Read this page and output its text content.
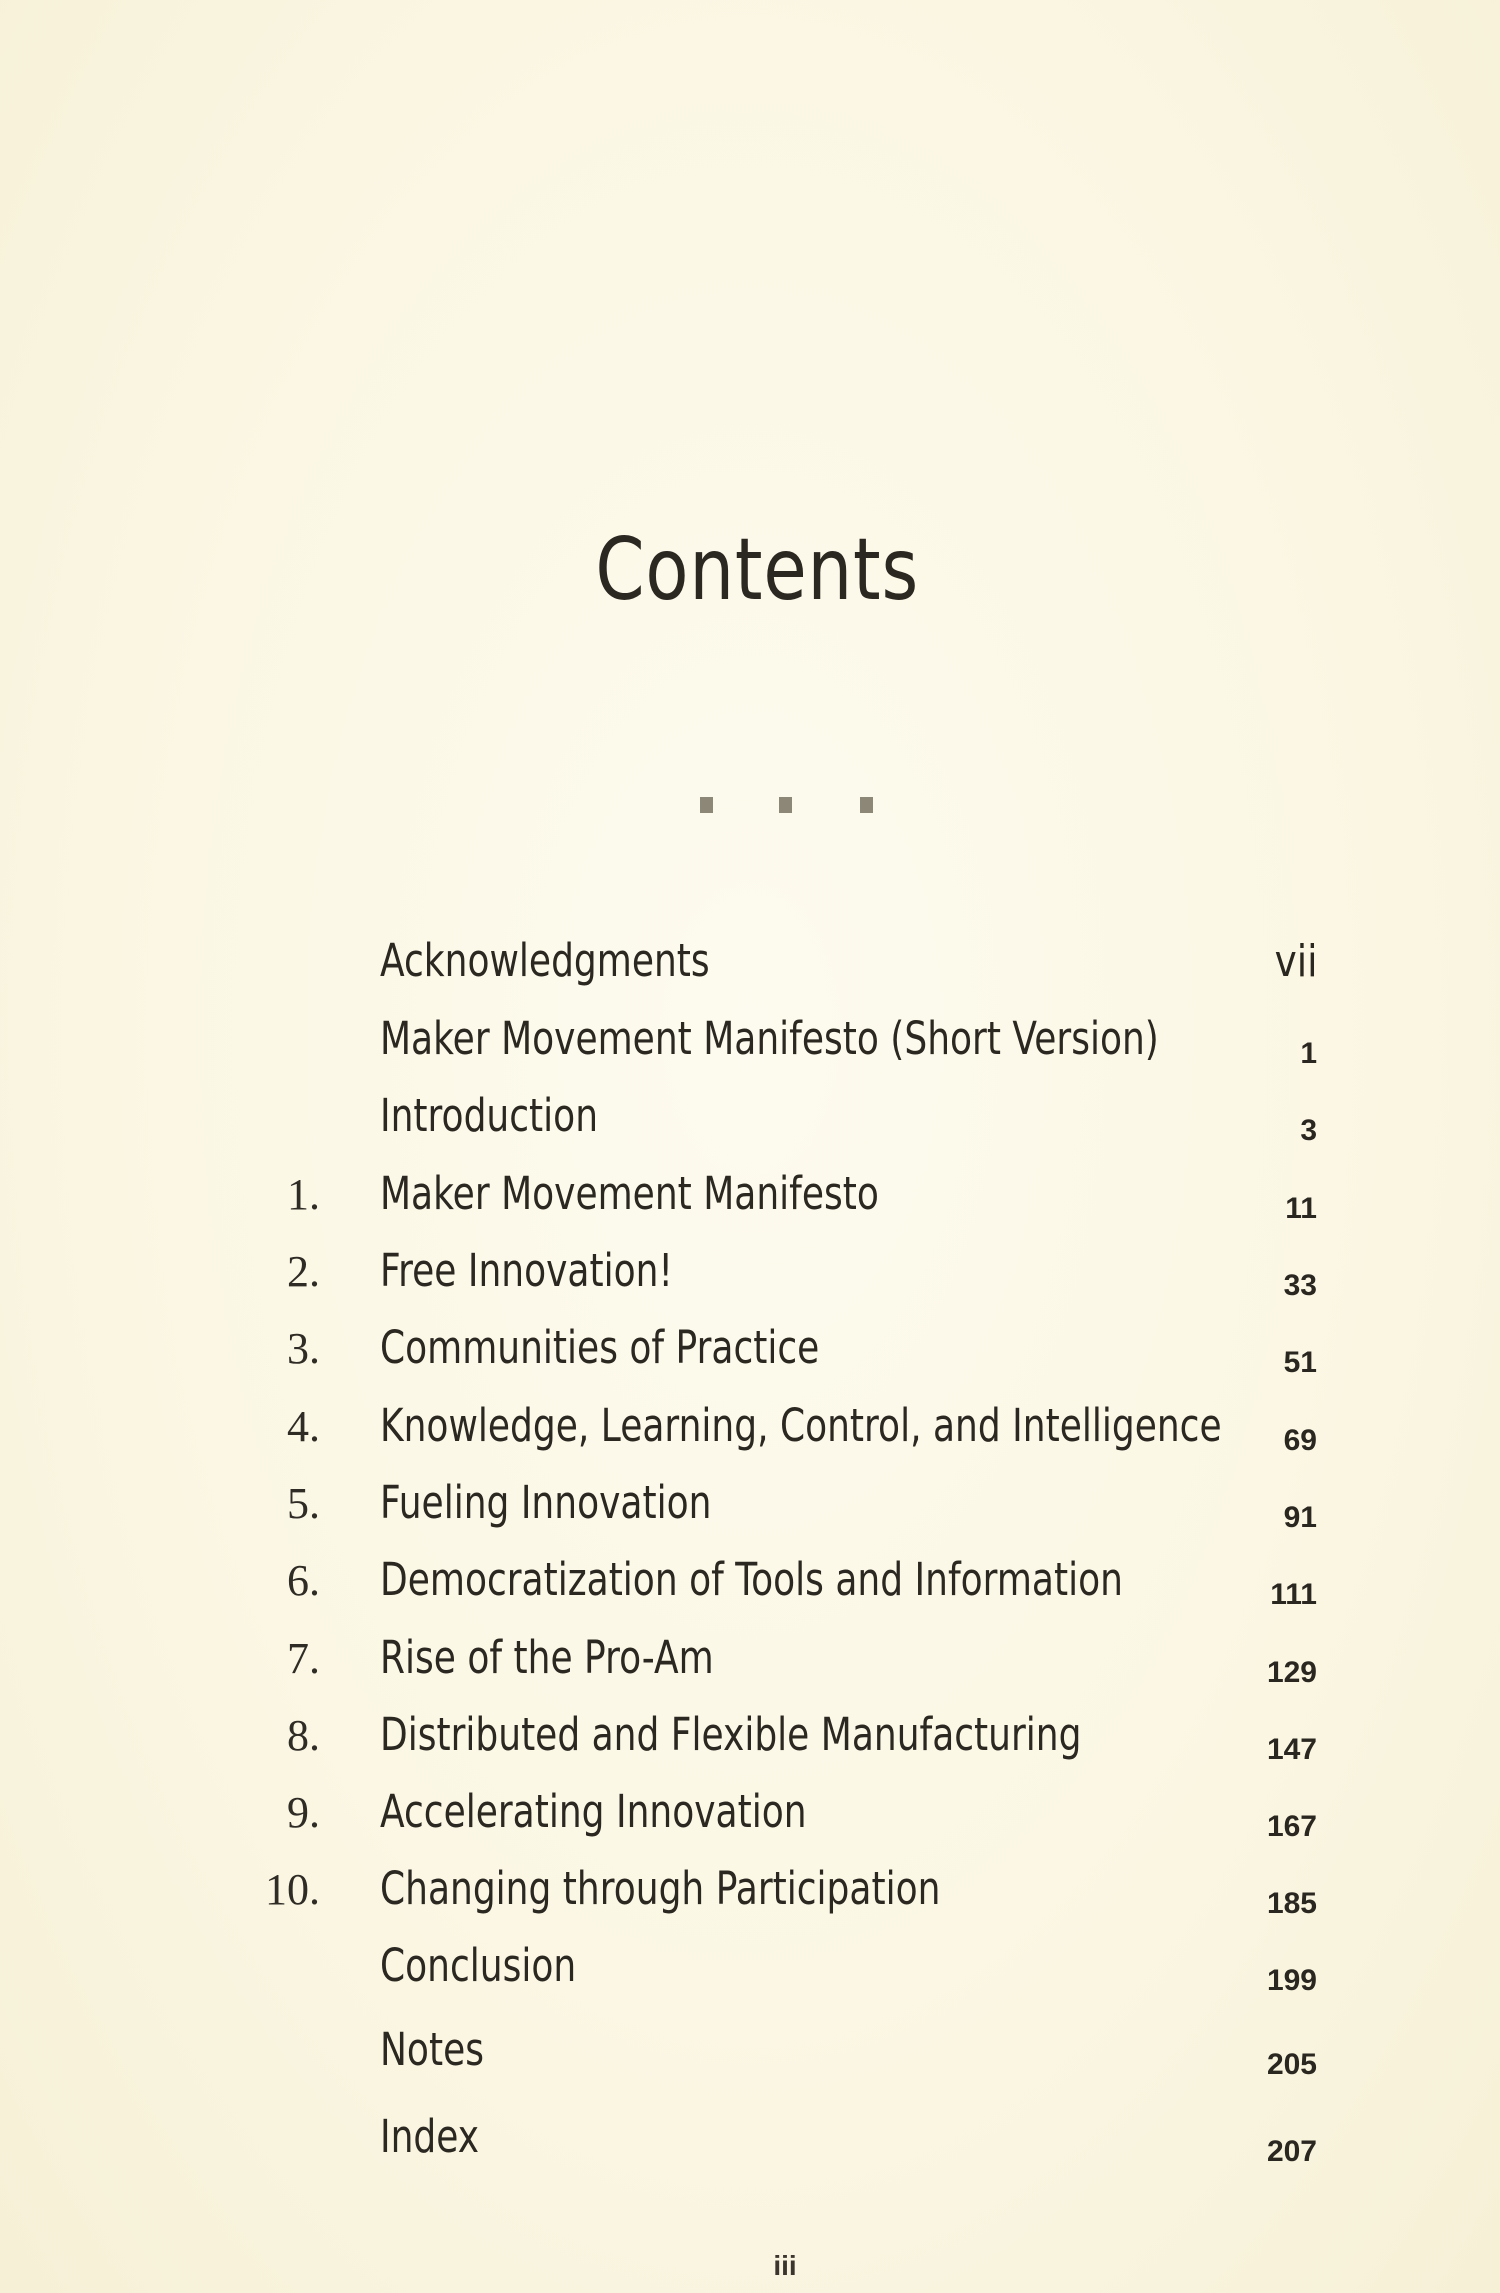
Contents
Acknowledgments	vii
Maker Movement Manifesto (Short Version)	1
Introduction	3
1. Maker Movement Manifesto	11
2. Free Innovation!	33
3. Communities of Practice	51
4. Knowledge, Learning, Control, and Intelligence 69
5. Fueling Innovation	91
6. Democratization of Tools and Information	111
7. Rise of the Pro-Am	129
8. Distributed and Flexible Manufacturing	147
9. Accelerating Innovation	167
10. Changing through Participation	185
Conclusion	199
Notes	205
Index	207
iii
